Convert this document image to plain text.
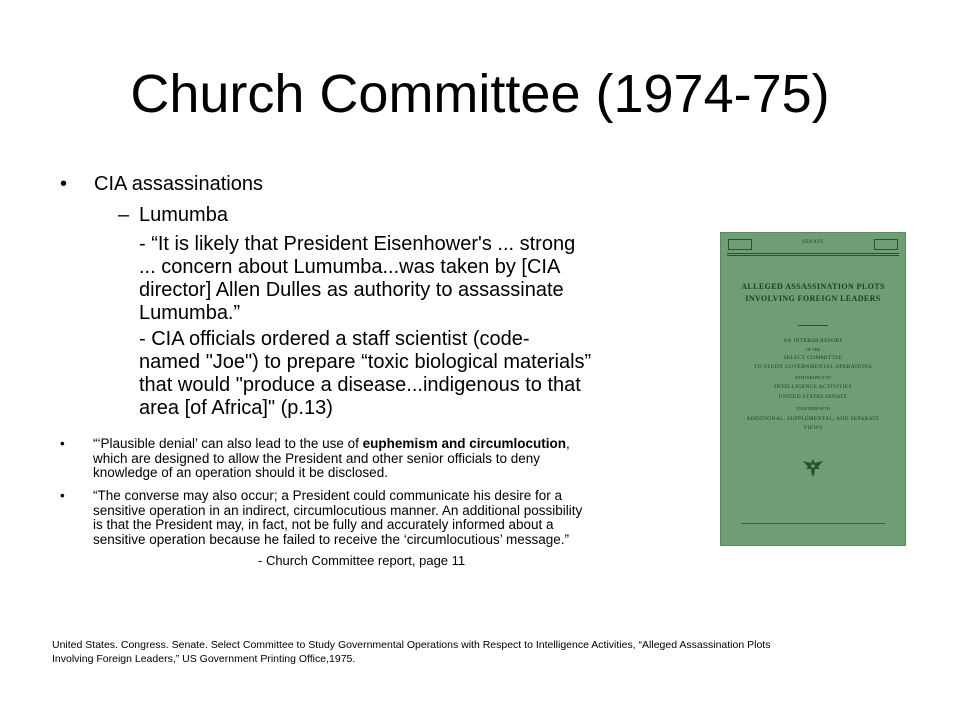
Church Committee (1974-75)
• CIA assassinations
– Lumumba
- “It is likely that President Eisenhower's ... strong
... concern about Lumumba...was taken by [CIA
director] Allen Dulles as authority to assassinate
Lumumba.”
- CIA officials ordered a staff scientist (code-
named "Joe") to prepare “toxic biological materials”
that would "produce a disease...indigenous to that
area [of Africa]" (p.13)
• “‘Plausible denial’ can also lead to the use of euphemism and circumlocution,
which are designed to allow the President and other senior officials to deny
knowledge of an operation should it be disclosed.
• “The converse may also occur; a President could communicate his desire for a
sensitive operation in an indirect, circumlocutious manner. An additional possibility
is that the President may, in fact, not be fully and accurately informed about a
sensitive operation because he failed to receive the ‘circumlocutious’ message.”
- Church Committee report, page 11
United States. Congress. Senate. Select Committee to Study Governmental Operations with Respect to Intelligence Activities, “Alleged Assassination Plots
Involving Foreign Leaders,” US Government Printing Office,1975.
SENATE
ALLEGED ASSASSINATION PLOTS
INVOLVING FOREIGN LEADERS
AN INTERIM REPORT
OF THE
SELECT COMMITTEE
TO STUDY GOVERNMENTAL OPERATIONS
WITH RESPECT TO
INTELLIGENCE ACTIVITIES
UNITED STATES SENATE
TOGETHER WITH
ADDITIONAL, SUPPLEMENTAL, AND SEPARATE
VIEWS
